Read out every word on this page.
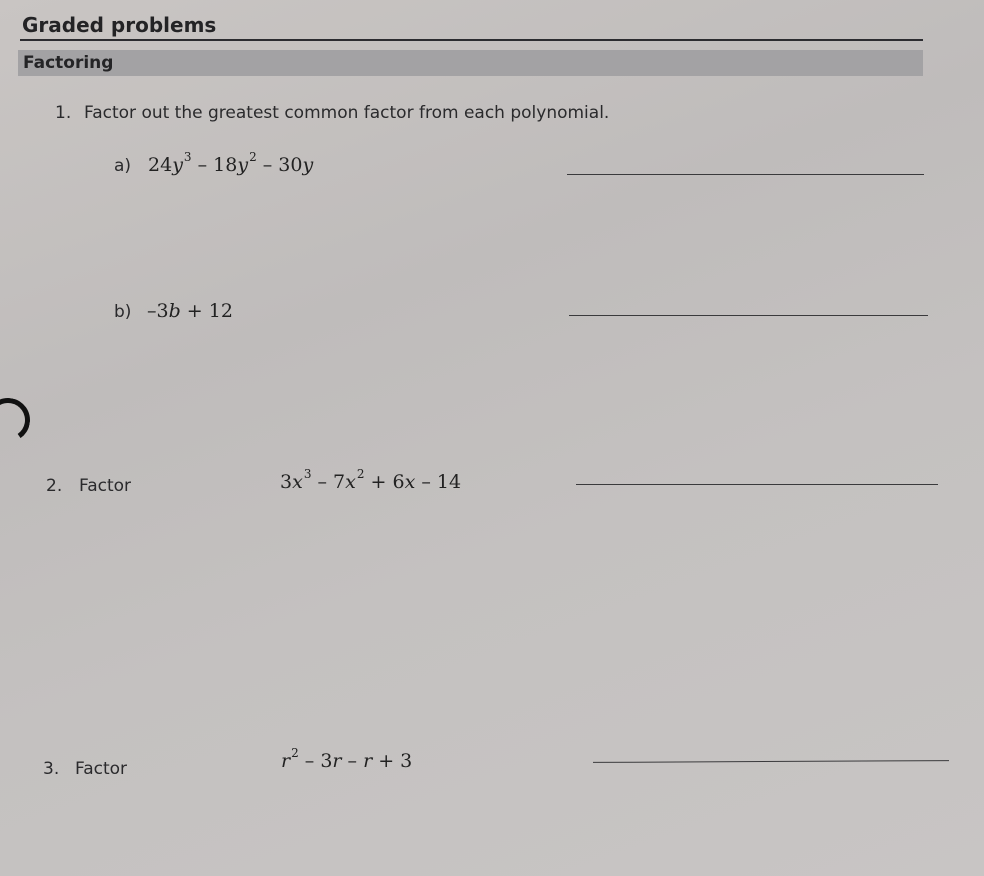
Graded problems
Factoring
1. Factor out the greatest common factor from each polynomial.
a) $24y^3 - 18y^2 - 30y$
b) –3b + 12
2. Factor	$3x^3 - 7x^2 + 6x - 14$
3. Factor	$r^2 - 3r - r + 3$
